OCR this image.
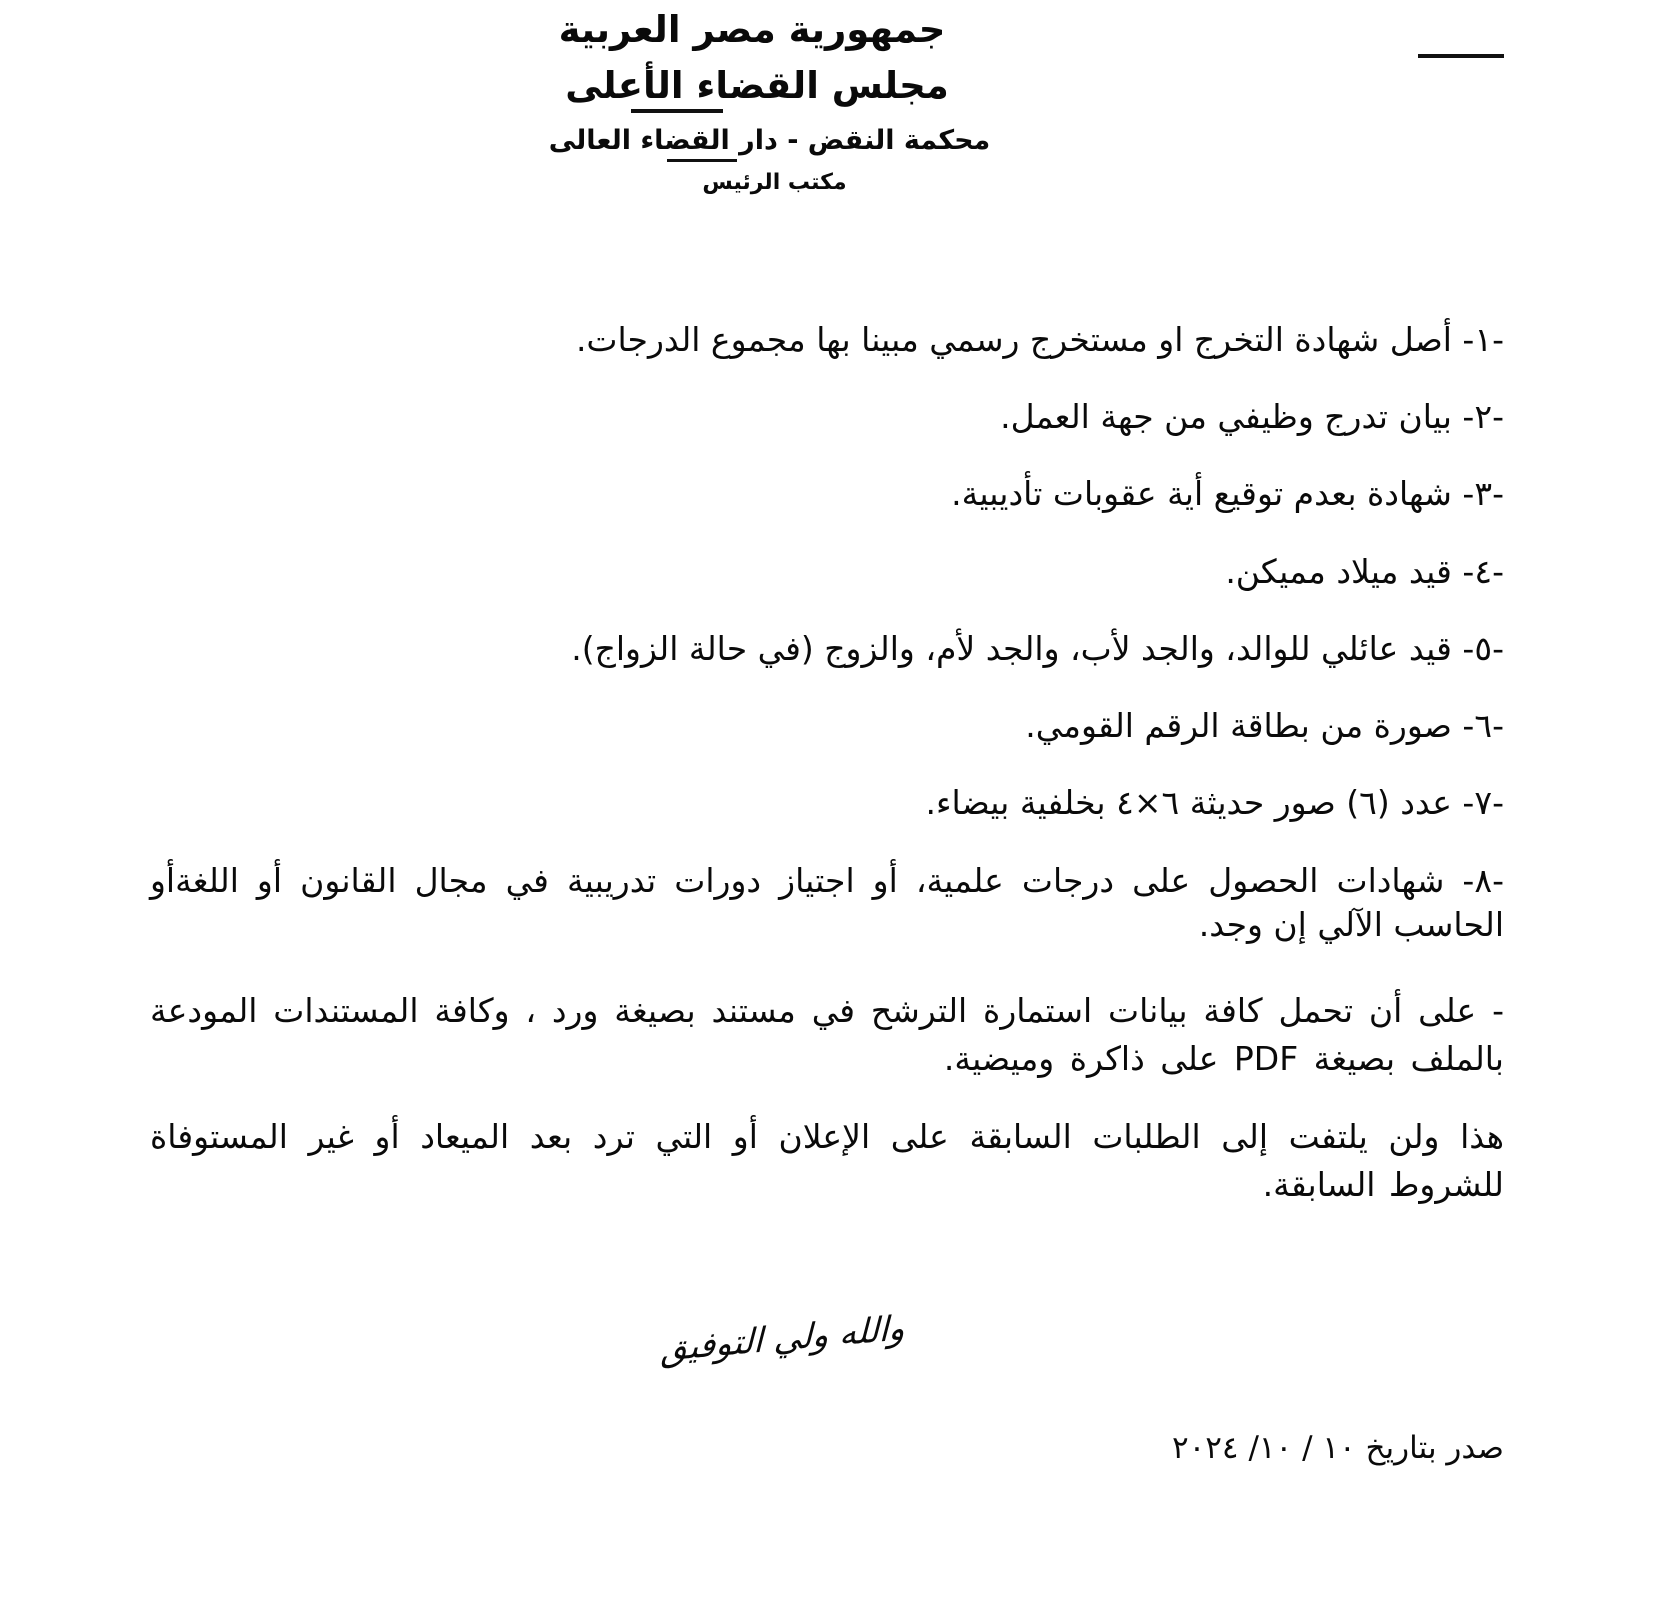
جمهورية مصر العربية
مجلس القضاء الأعلى
محكمة النقض - دار القضاء العالى
مكتب الرئيس
-١- أصل شهادة التخرج او مستخرج رسمي مبينا بها مجموع الدرجات.
-٢- بيان تدرج وظيفي من جهة العمل.
-٣- شهادة بعدم توقيع أية عقوبات تأديبية.
-٤- قيد ميلاد مميكن.
-٥- قيد عائلي للوالد، والجد لأب، والجد لأم، والزوج (في حالة الزواج).
-٦- صورة من بطاقة الرقم القومي.
-٧- عدد (٦) صور حديثة ٦×٤ بخلفية بيضاء.
-٨- شهادات الحصول على درجات علمية، أو اجتياز دورات تدريبية في مجال القانون أو اللغةأو الحاسب الآلي إن وجد.
- على أن تحمل كافة بيانات استمارة الترشح في مستند بصيغة ورد ، وكافة المستندات المودعة بالملف بصيغة PDF على ذاكرة وميضية.
هذا ولن يلتفت إلى الطلبات السابقة على الإعلان أو التي ترد بعد الميعاد أو غير المستوفاة للشروط السابقة.
والله ولي التوفيق
صدر بتاريخ ١٠ / ١٠/ ٢٠٢٤
